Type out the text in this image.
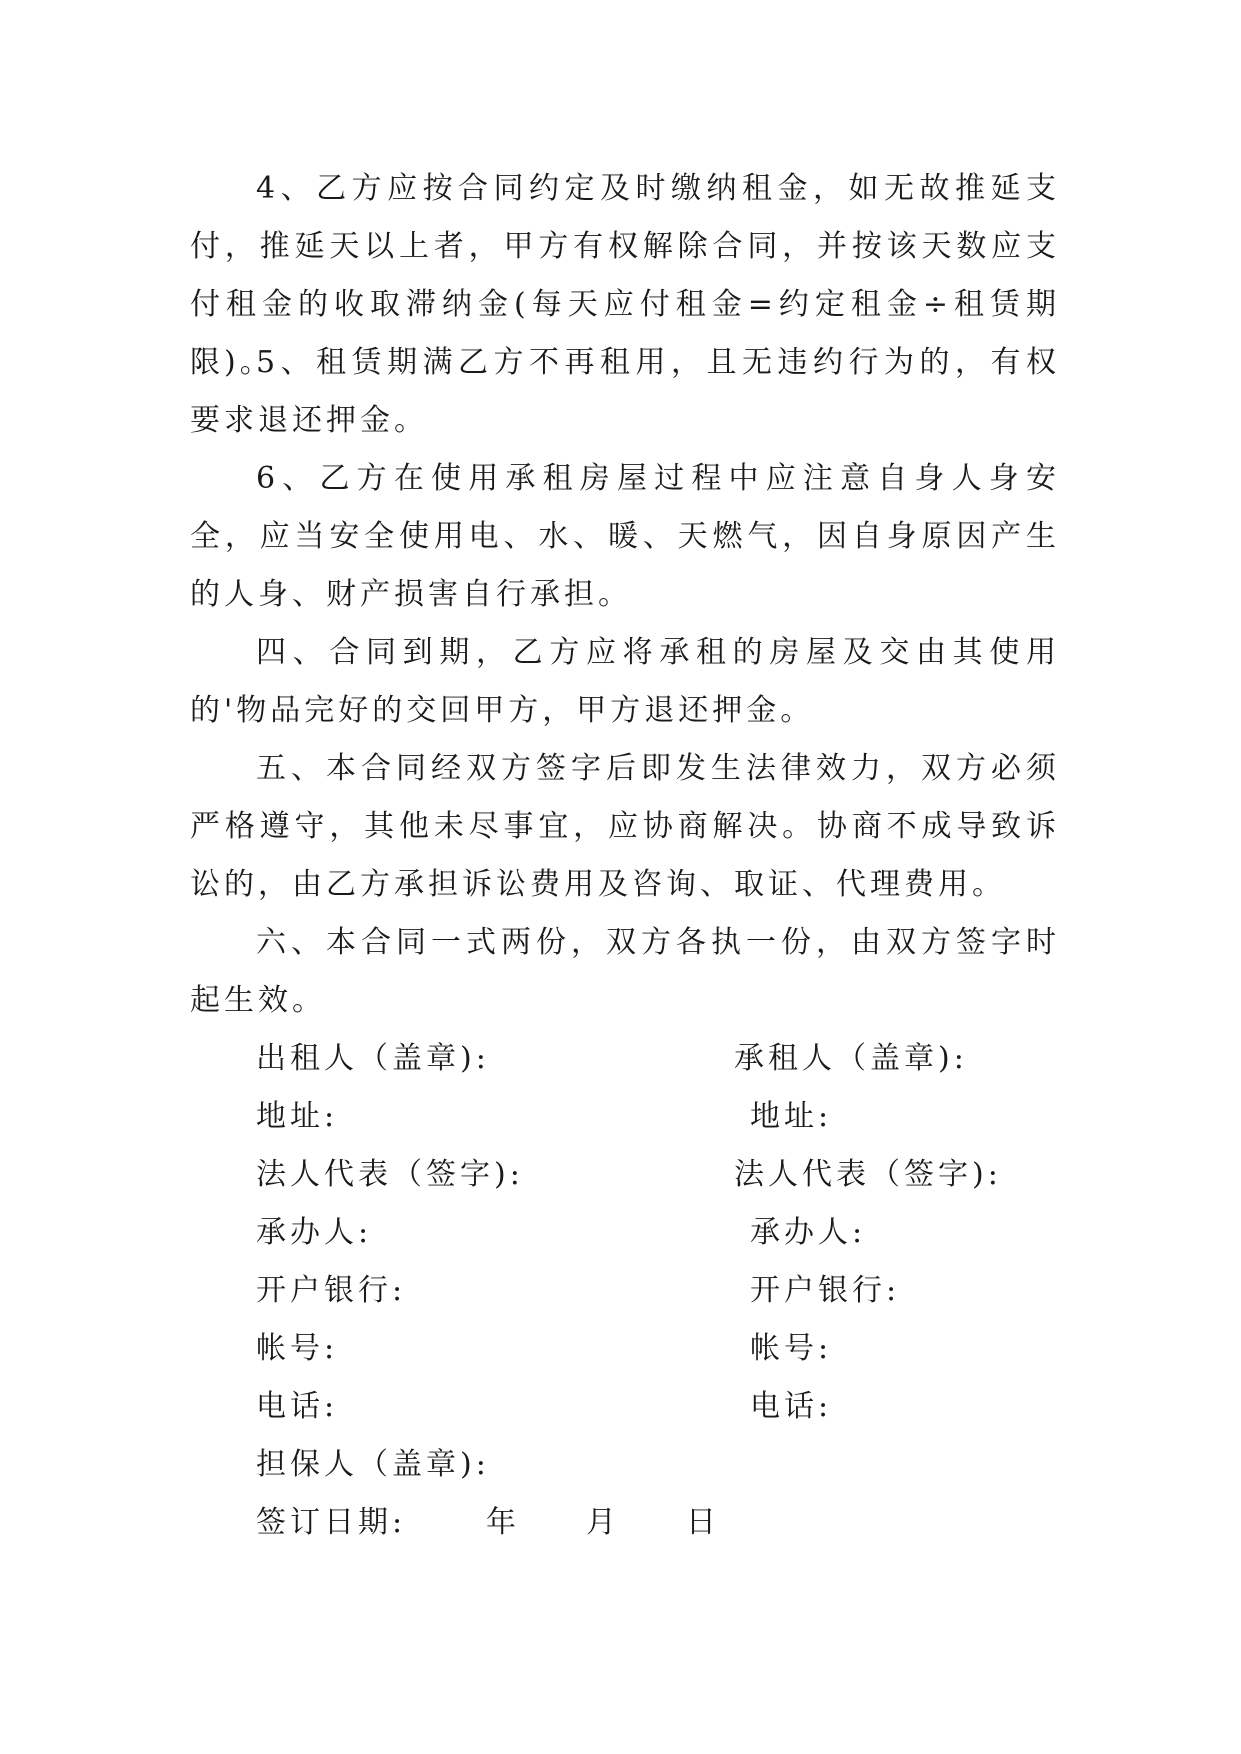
4、乙方应按合同约定及时缴纳租金，如无故推延支付，推延天以上者，甲方有权解除合同，并按该天数应支付租金的收取滞纳金(每天应付租金=约定租金÷租赁期限)。

5、租赁期满乙方不再租用，且无违约行为的，有权要求退还押金。

6、乙方在使用承租房屋过程中应注意自身人身安全，应当安全使用电、水、暖、天燃气，因自身原因产生的人身、财产损害自行承担。

四、合同到期，乙方应将承租的房屋及交由其使用的'物品完好的交回甲方，甲方退还押金。

五、本合同经双方签字后即发生法律效力，双方必须严格遵守，其他未尽事宜，应协商解决。协商不成导致诉讼的，由乙方承担诉讼费用及咨询、取证、代理费用。

六、本合同一式两份，双方各执一份，由双方签字时起生效。

出租人（盖章):	承租人（盖章):
地址:	地址:
法人代表（签字):	法人代表（签字):
承办人:	承办人:
开户银行:	开户银行:
帐号:	帐号:
电话:	电话:
担保人（盖章):
签订日期:	年 月 日
